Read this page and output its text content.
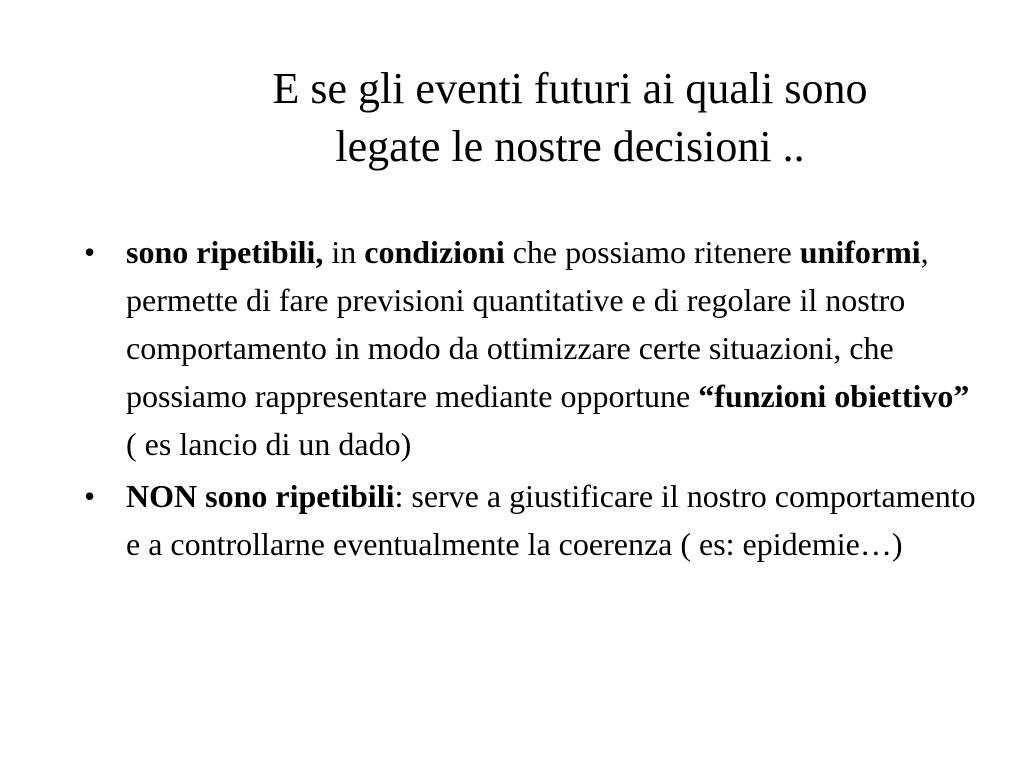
E se gli eventi futuri ai quali sono
legate le nostre decisioni ..
• sono ripetibili, in condizioni che possiamo ritenere uniformi, permette di fare previsioni quantitative e di regolare il nostro comportamento in modo da ottimizzare certe situazioni, che possiamo rappresentare mediante opportune “funzioni obiettivo” ( es lancio di un dado)
• NON sono ripetibili: serve a giustificare il nostro comportamento e a controllarne eventualmente la coerenza ( es: epidemie…)
